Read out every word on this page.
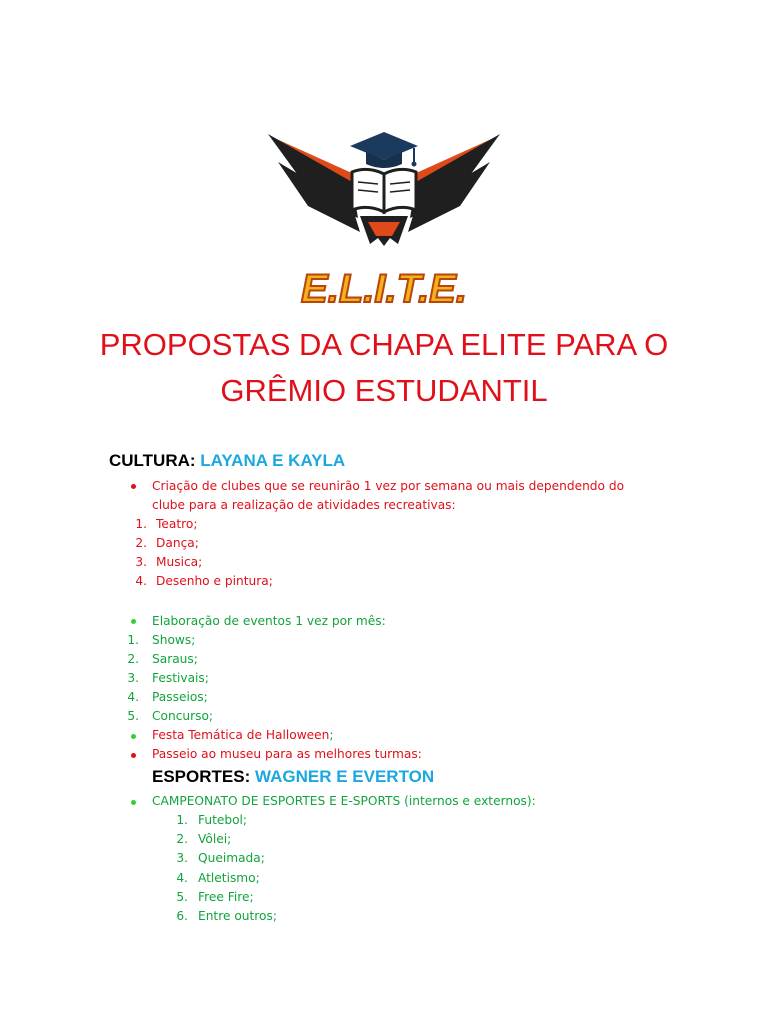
E.L.I.T.E.
PROPOSTAS DA CHAPA ELITE PARA O
GRÊMIO ESTUDANTIL
CULTURA: LAYANA E KAYLA
Criação de clubes que se reunirão 1 vez por semana ou mais dependendo do
clube para a realização de atividades recreativas:
1. Teatro;
2. Dança;
3. Musica;
4. Desenho e pintura;
Elaboração de eventos 1 vez por mês:
1. Shows;
2. Saraus;
3. Festivais;
4. Passeios;
5. Concurso;
Festa Temática de Halloween;
Passeio ao museu para as melhores turmas:
ESPORTES: WAGNER E EVERTON
CAMPEONATO DE ESPORTES E E-SPORTS (internos e externos):
1. Futebol;
2. Vôlei;
3. Queimada;
4. Atletismo;
5. Free Fire;
6. Entre outros;
